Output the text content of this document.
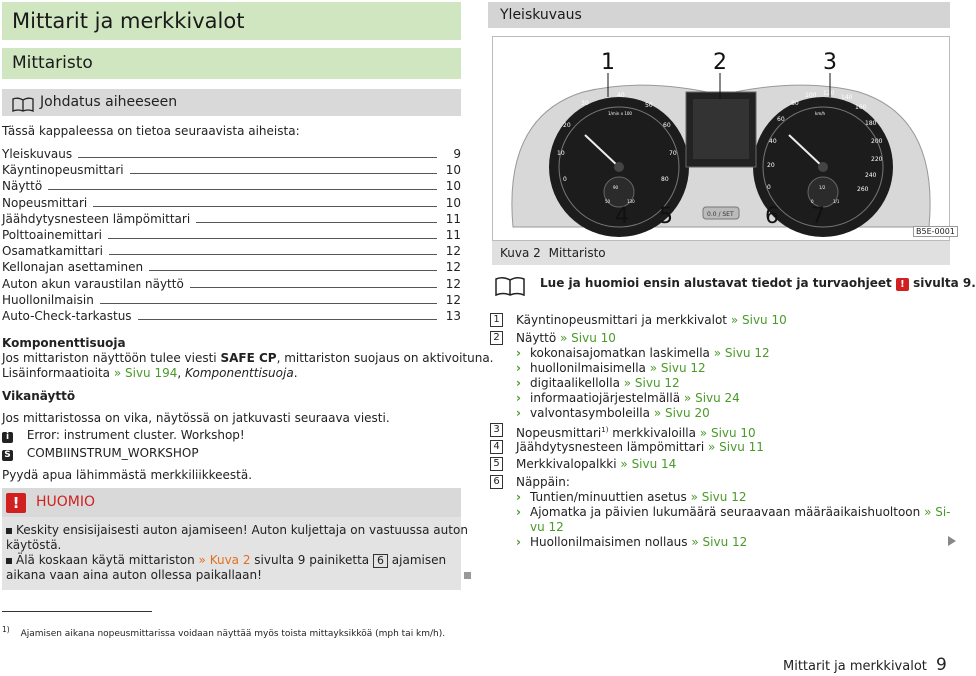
Mittarit ja merkkivalot
Mittaristo
Johdatus aiheeseen
Tässä kappaleessa on tietoa seuraavista aiheista:
Yleiskuvaus	9
Käyntinopeusmittari	10
Näyttö	10
Nopeusmittari	10
Jäähdytysnesteen lämpömittari	11
Polttoainemittari	11
Osamatkamittari	12
Kellonajan asettaminen	12
Auton akun varaustilan näyttö	12
Huollonilmaisin	12
Auto-Check-tarkastus	13
Komponenttisuoja
Jos mittariston näyttöön tulee viesti SAFE CP, mittariston suojaus on aktivoituna.
Lisäinformaatioita » Sivu 194, Komponenttisuoja.
Vikanäyttö
Jos mittaristossa on vika, näytössä on jatkuvasti seuraava viesti.
i Error: instrument cluster. Workshop!
S COMBIINSTRUM_WORKSHOP
Pyydä apua lähimmästä merkkiliikkeestä.
!	HUOMIO
Keskity ensisijaisesti auton ajamiseen! Auton kuljettaja on vastuussa auton
käytöstä.
Älä koskaan käytä mittariston » Kuva 2 sivulta 9 painiketta 6 ajamisen
aikana vaan aina auton ollessa paikallaan!
Yleiskuvaus
30
40
50
60
70
80
20
10
0
1/min x 100
90
50	130
20
40
60
80
100 120
140
160
180
200
220
240
260
0
km/h
1/2
0	1/1
0.0 / SET
1	2	3
4 5	6 7
Kuva 2 Mittaristo
B5E-0001
Lue ja huomioi ensin alustavat tiedot ja turvaohjeet ! sivulta 9.
1 Käyntinopeusmittari ja merkkivalot » Sivu 10
2 Näyttö » Sivu 10
› kokonaisajomatkan laskimella » Sivu 12
› huollonilmaisimella » Sivu 12
› digitaalikellolla » Sivu 12
› informaatiojärjestelmällä » Sivu 24
› valvontasymboleilla » Sivu 20
3 Nopeusmittari$^{1)}$ merkkivaloilla » Sivu 10
4 Jäähdytysnesteen lämpömittari » Sivu 11
5 Merkkivalopalkki » Sivu 14
6 Näppäin:
› Tuntien/minuuttien asetus » Sivu 12
› Ajomatka ja päivien lukumäärä seuraavaan määräaikaishuoltoon » Si-
vu 12
› Huollonilmaisimen nollaus » Sivu 12
$^{1)}$ Ajamisen aikana nopeusmittarissa voidaan näyttää myös toista mittayksikköä (mph tai km/h).
Mittarit ja merkkivalot 9
